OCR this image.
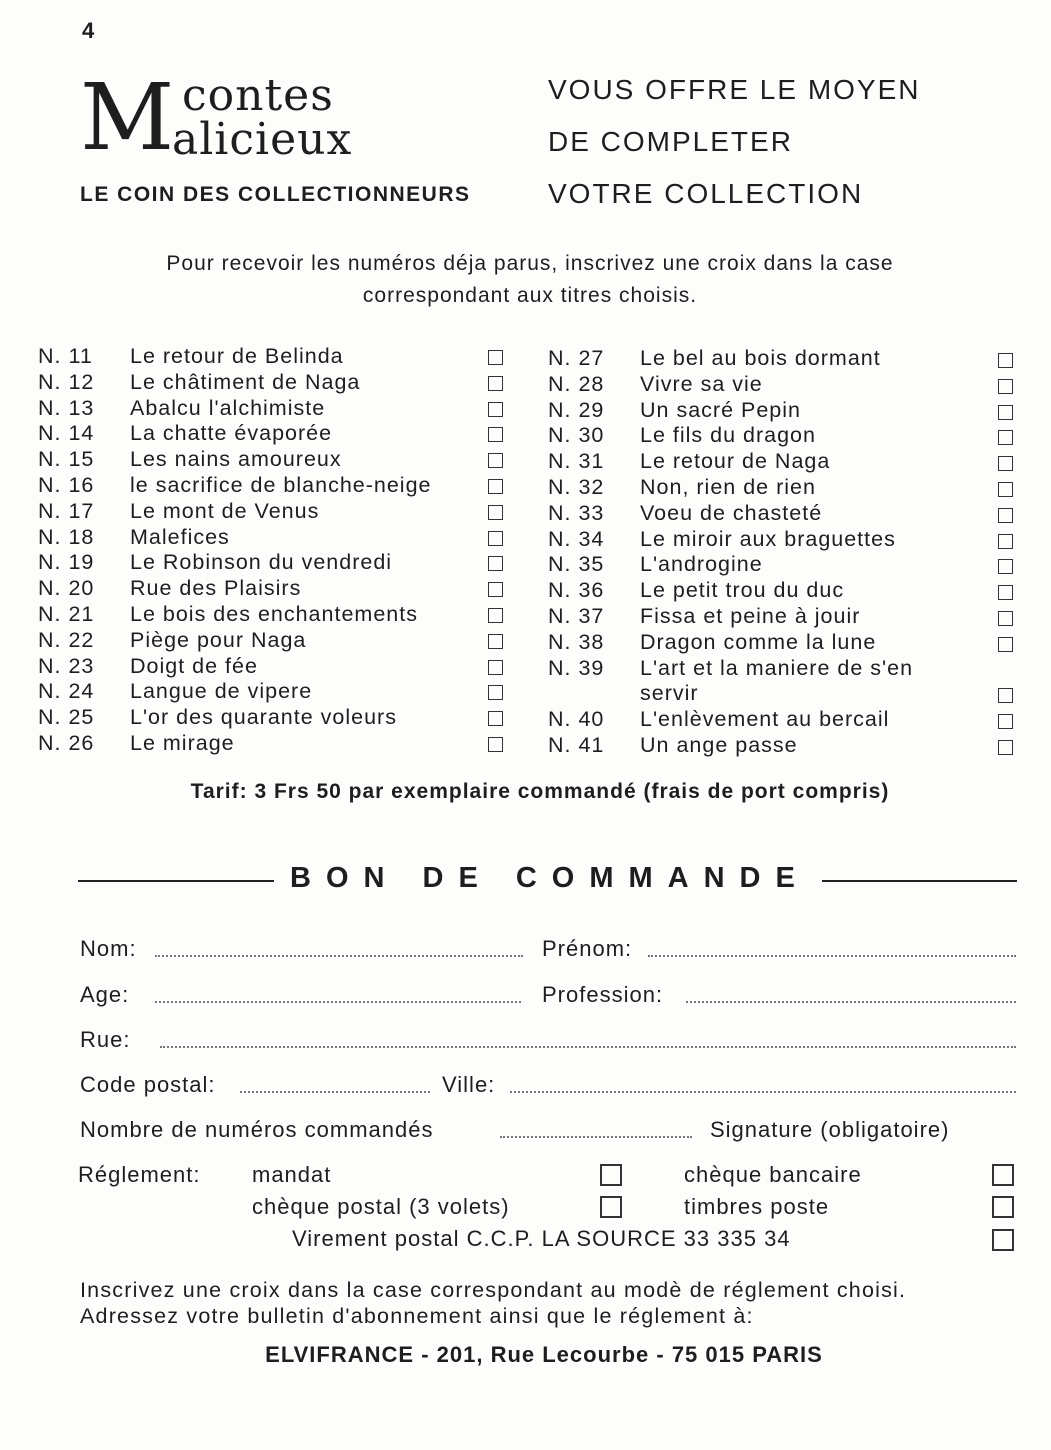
4
M contes
alicieux
LE COIN DES COLLECTIONNEURS
VOUS OFFRE LE MOYEN
DE COMPLETER
VOTRE COLLECTION
Pour recevoir les numéros déja parus, inscrivez une croix dans la case
correspondant aux titres choisis.
N. 11 Le retour de Belinda
N. 12 Le châtiment de Naga
N. 13 Abalcu l'alchimiste
N. 14 La chatte évaporée
N. 15 Les nains amoureux
N. 16 le sacrifice de blanche-neige
N. 17 Le mont de Venus
N. 18 Malefices
N. 19 Le Robinson du vendredi
N. 20 Rue des Plaisirs
N. 21 Le bois des enchantements
N. 22 Piège pour Naga
N. 23 Doigt de fée
N. 24 Langue de vipere
N. 25 L'or des quarante voleurs
N. 26 Le mirage
N. 27 Le bel au bois dormant
N. 28 Vivre sa vie
N. 29 Un sacré Pepin
N. 30 Le fils du dragon
N. 31 Le retour de Naga
N. 32 Non, rien de rien
N. 33 Voeu de chasteté
N. 34 Le miroir aux braguettes
N. 35 L'androgine
N. 36 Le petit trou du duc
N. 37 Fissa et peine à jouir
N. 38 Dragon comme la lune
N. 39 L'art et la maniere de s'en
servir
N. 40 L'enlèvement au bercail
N. 41 Un ange passe
Tarif: 3 Frs 50 par exemplaire commandé (frais de port compris)
BON DE COMMANDE
Nom:	Prénom:
Age:	Profession:
Rue:
Code postal:	Ville:
Nombre de numéros commandés	Signature (obligatoire)
Réglement: mandat	chèque bancaire
chèque postal (3 volets)	timbres poste
Virement postal C.C.P. LA SOURCE 33 335 34
Inscrivez une croix dans la case correspondant au modè de réglement choisi.
Adressez votre bulletin d'abonnement ainsi que le réglement à:
ELVIFRANCE - 201, Rue Lecourbe - 75 015 PARIS
